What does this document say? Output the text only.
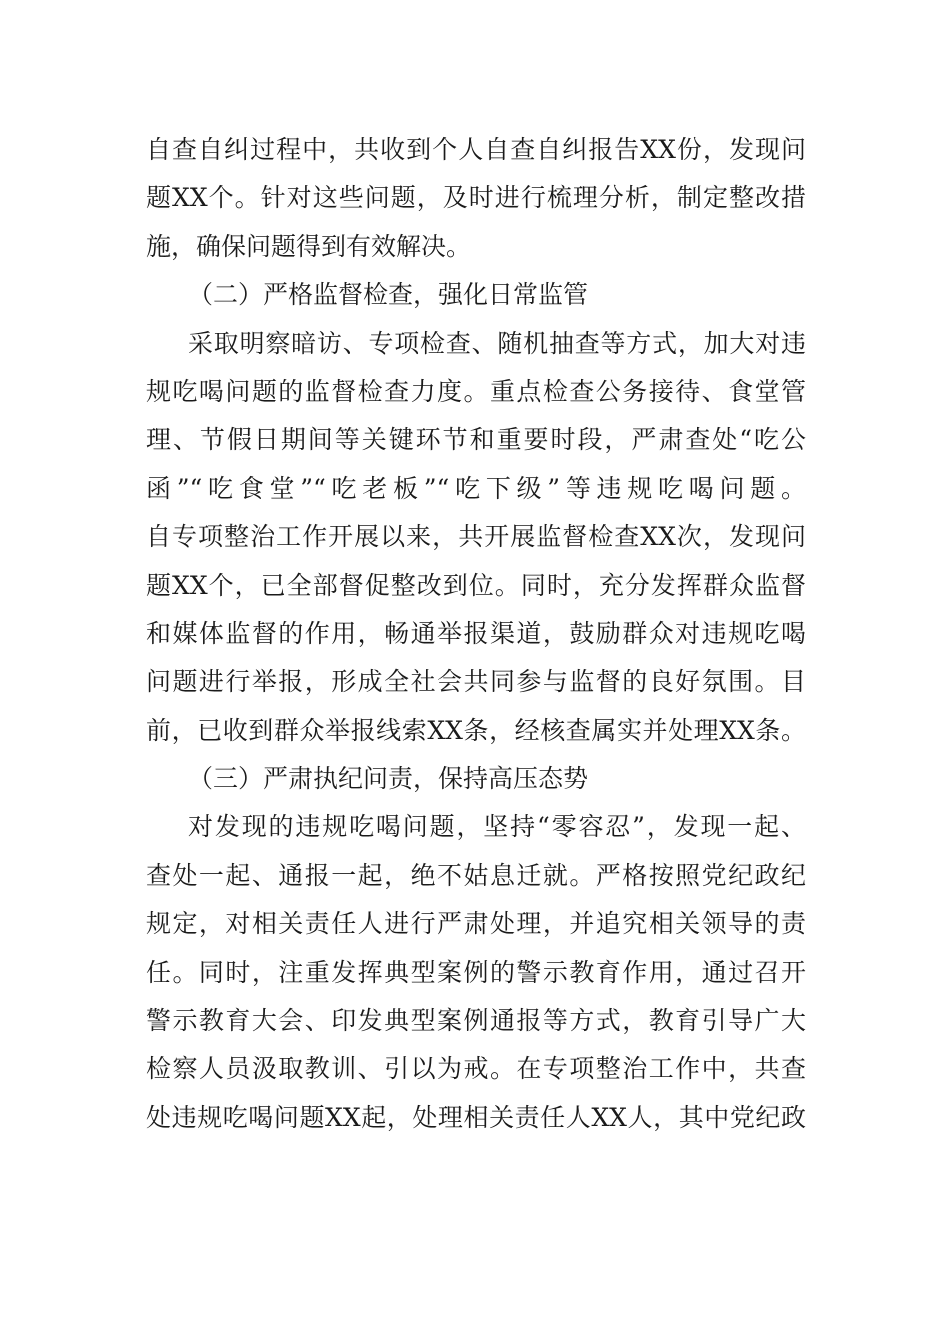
自查自纠过程中，共收到个人自查自纠报告XX份，发现问
题XX个。针对这些问题，及时进行梳理分析，制定整改措
施，确保问题得到有效解决。
（二）严格监督检查，强化日常监管
采取明察暗访、专项检查、随机抽查等方式，加大对违
规吃喝问题的监督检查力度。重点检查公务接待、食堂管
理、节假日期间等关键环节和重要时段，严肃查处“吃公
函”“吃食堂”“吃老板”“吃下级”等违规吃喝问题。
自专项整治工作开展以来，共开展监督检查XX次，发现问
题XX个，已全部督促整改到位。同时，充分发挥群众监督
和媒体监督的作用，畅通举报渠道，鼓励群众对违规吃喝
问题进行举报，形成全社会共同参与监督的良好氛围。目
前，已收到群众举报线索XX条，经核查属实并处理XX条。
（三）严肃执纪问责，保持高压态势
对发现的违规吃喝问题，坚持“零容忍”，发现一起、
查处一起、通报一起，绝不姑息迁就。严格按照党纪政纪
规定，对相关责任人进行严肃处理，并追究相关领导的责
任。同时，注重发挥典型案例的警示教育作用，通过召开
警示教育大会、印发典型案例通报等方式，教育引导广大
检察人员汲取教训、引以为戒。在专项整治工作中，共查
处违规吃喝问题XX起，处理相关责任人XX人，其中党纪政
